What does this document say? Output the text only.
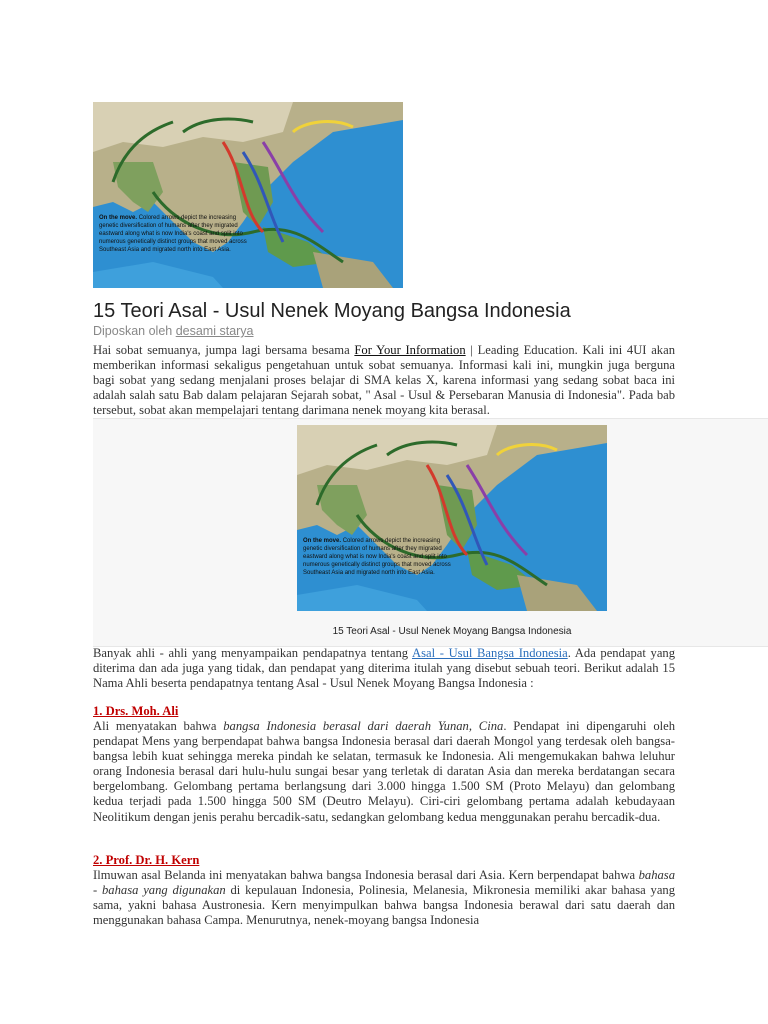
On the move. Colored arrows depict the increasing genetic diversification of humans after they migrated eastward along what is now India's coast and split into numerous genetically distinct groups that moved across Southeast Asia and migrated north into East Asia.
15 Teori Asal - Usul Nenek Moyang Bangsa Indonesia
Diposkan oleh desami starya

Hai sobat semuanya, jumpa lagi bersama besama For Your Information | Leading Education. Kali ini 4UI akan memberikan informasi sekaligus pengetahuan untuk sobat semuanya. Informasi kali ini, mungkin juga berguna bagi sobat yang sedang menjalani proses belajar di SMA kelas X, karena informasi yang sedang sobat baca ini adalah salah satu Bab dalam pelajaran Sejarah sobat, " Asal - Usul & Persebaran Manusia di Indonesia". Pada bab tersebut, sobat akan mempelajari tentang darimana nenek moyang kita berasal.

On the move. Colored arrows depict the increasing genetic diversification of humans after they migrated eastward along what is now India's coast and split into numerous genetically distinct groups that moved across Southeast Asia and migrated north into East Asia.
15 Teori Asal - Usul Nenek Moyang Bangsa Indonesia

Banyak ahli - ahli yang menyampaikan pendapatnya tentang Asal - Usul Bangsa Indonesia. Ada pendapat yang diterima dan ada juga yang tidak, dan pendapat yang diterima itulah yang disebut sebuah teori. Berikut adalah 15 Nama Ahli beserta pendapatnya tentang Asal - Usul Nenek Moyang Bangsa Indonesia :

1. Drs. Moh. Ali

Ali menyatakan bahwa bangsa Indonesia berasal dari daerah Yunan, Cina. Pendapat ini dipengaruhi oleh pendapat Mens yang berpendapat bahwa bangsa Indonesia berasal dari daerah Mongol yang terdesak oleh bangsa-bangsa lebih kuat sehingga mereka pindah ke selatan, termasuk ke Indonesia. Ali mengemukakan bahwa leluhur orang Indonesia berasal dari hulu-hulu sungai besar yang terletak di daratan Asia dan mereka berdatangan secara bergelombang. Gelombang pertama berlangsung dari 3.000 hingga 1.500 SM (Proto Melayu) dan gelombang kedua terjadi pada 1.500 hingga 500 SM (Deutro Melayu). Ciri-ciri gelombang pertama adalah kebudayaan Neolitikum dengan jenis perahu bercadik-satu, sedangkan gelombang kedua menggunakan perahu bercadik-dua.

2. Prof. Dr. H. Kern

Ilmuwan asal Belanda ini menyatakan bahwa bangsa Indonesia berasal dari Asia. Kern berpendapat bahwa bahasa - bahasa yang digunakan di kepulauan Indonesia, Polinesia, Melanesia, Mikronesia memiliki akar bahasa yang sama, yakni bahasa Austronesia. Kern menyimpulkan bahwa bangsa Indonesia berawal dari satu daerah dan menggunakan bahasa Campa. Menurutnya, nenek-moyang bangsa Indonesia
